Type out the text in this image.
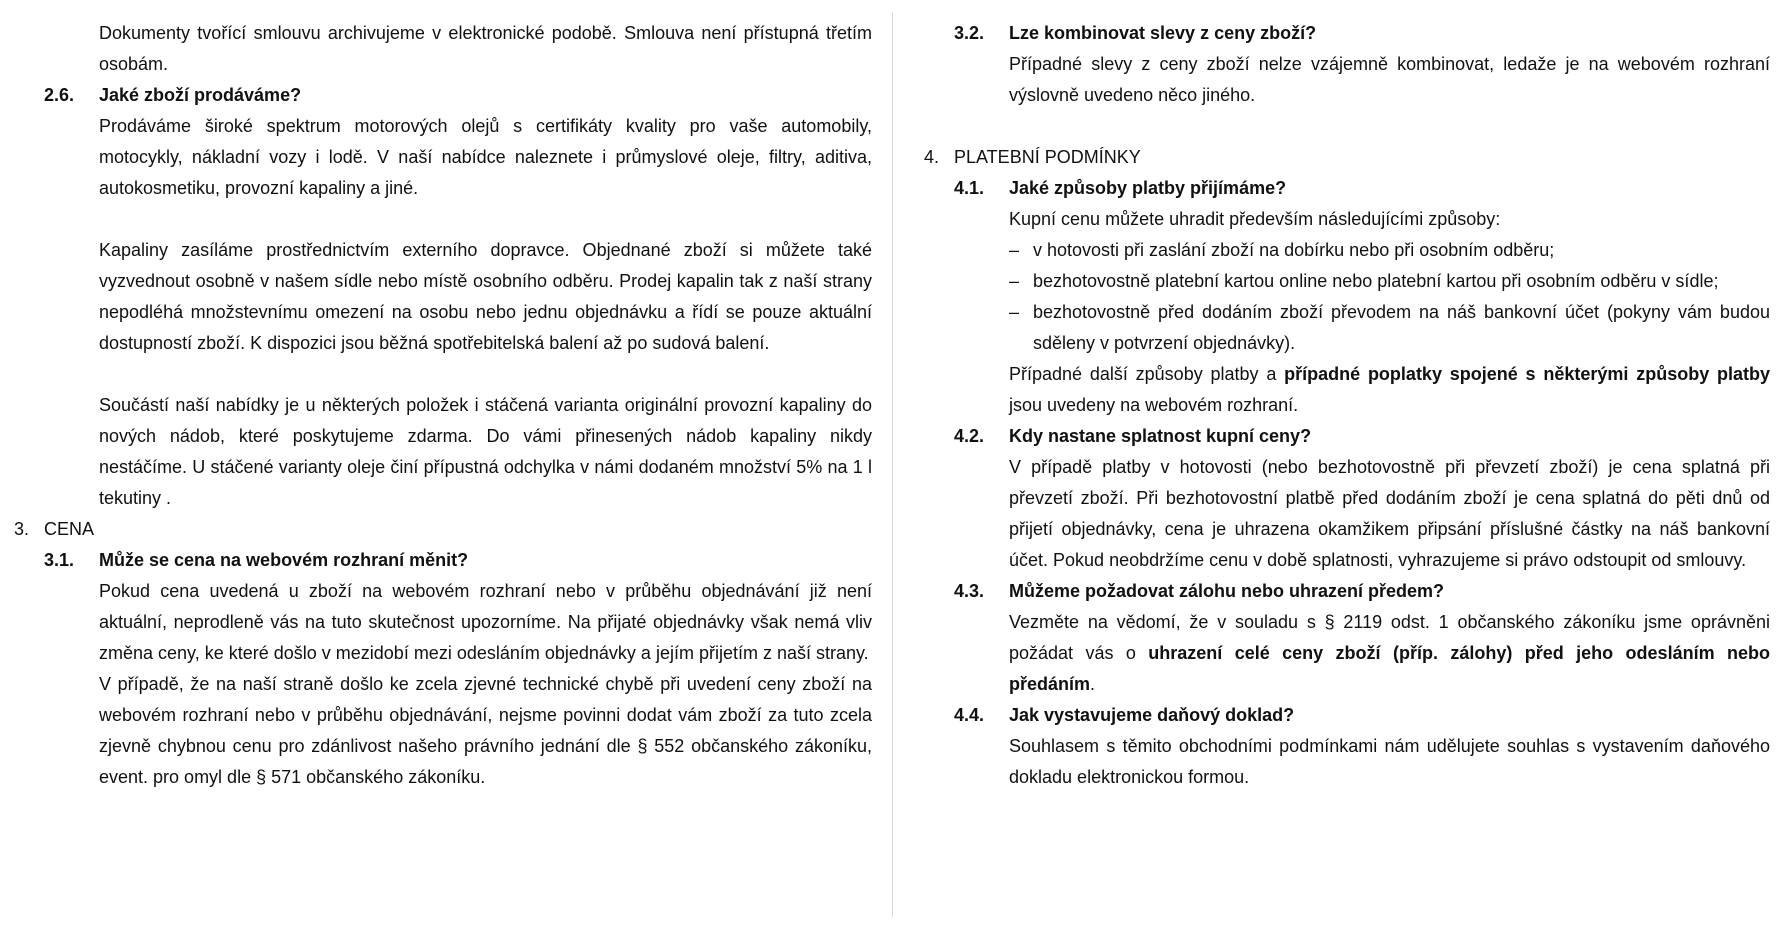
Dokumenty tvořící smlouvu archivujeme v elektronické podobě. Smlouva není přístupná třetím osobám.

2.6.	Jaké zboží prodáváme?

Prodáváme široké spektrum motorových olejů s certifikáty kvality pro vaše automobily, motocykly, nákladní vozy i lodě. V naší nabídce naleznete i průmyslové oleje, filtry, aditiva, autokosmetiku, provozní kapaliny a jiné.

Kapaliny zasíláme prostřednictvím externího dopravce. Objednané zboží si můžete také vyzvednout osobně v našem sídle nebo místě osobního odběru. Prodej kapalin tak z naší strany nepodléhá množstevnímu omezení na osobu nebo jednu objednávku a řídí se pouze aktuální dostupností zboží. K dispozici jsou běžná spotřebitelská balení až po sudová balení.

Součástí naší nabídky je u některých položek i stáčená varianta originální provozní kapaliny do nových nádob, které poskytujeme zdarma. Do vámi přinesených nádob kapaliny nikdy nestáčíme. U stáčené varianty oleje činí přípustná odchylka v námi dodaném množství 5% na 1 l tekutiny .

3. CENA
3.1.	Může se cena na webovém rozhraní měnit?

Pokud cena uvedená u zboží na webovém rozhraní nebo v průběhu objednávání již není aktuální, neprodleně vás na tuto skutečnost upozorníme. Na přijaté objednávky však nemá vliv změna ceny, ke které došlo v mezidobí mezi odesláním objednávky a jejím přijetím z naší strany.

V případě, že na naší straně došlo ke zcela zjevné technické chybě při uvedení ceny zboží na webovém rozhraní nebo v průběhu objednávání, nejsme povinni dodat vám zboží za tuto zcela zjevně chybnou cenu pro zdánlivost našeho právního jednání dle § 552 občanského zákoníku, event. pro omyl dle § 571 občanského zákoníku.

3.2.	Lze kombinovat slevy z ceny zboží?

Případné slevy z ceny zboží nelze vzájemně kombinovat, ledaže je na webovém rozhraní výslovně uvedeno něco jiného.

4. PLATEBNÍ PODMÍNKY
4.1.	Jaké způsoby platby přijímáme?

Kupní cenu můžete uhradit především následujícími způsoby:

– v hotovosti při zaslání zboží na dobírku nebo při osobním odběru;
– bezhotovostně platební kartou online nebo platební kartou při osobním odběru v sídle;
– bezhotovostně před dodáním zboží převodem na náš bankovní účet (pokyny vám budou sděleny v potvrzení objednávky).

Případné další způsoby platby a případné poplatky spojené s některými způsoby platby jsou uvedeny na webovém rozhraní.

4.2.	Kdy nastane splatnost kupní ceny?

V případě platby v hotovosti (nebo bezhotovostně při převzetí zboží) je cena splatná při převzetí zboží. Při bezhotovostní platbě před dodáním zboží je cena splatná do pěti dnů od přijetí objednávky, cena je uhrazena okamžikem připsání příslušné částky na náš bankovní účet. Pokud neobdržíme cenu v době splatnosti, vyhrazujeme si právo odstoupit od smlouvy.

4.3.	Můžeme požadovat zálohu nebo uhrazení předem?

Vezměte na vědomí, že v souladu s § 2119 odst. 1 občanského zákoníku jsme oprávněni požádat vás o uhrazení celé ceny zboží (příp. zálohy) před jeho odesláním nebo předáním.

4.4.	Jak vystavujeme daňový doklad?

Souhlasem s těmito obchodními podmínkami nám udělujete souhlas s vystavením daňového dokladu elektronickou formou.
